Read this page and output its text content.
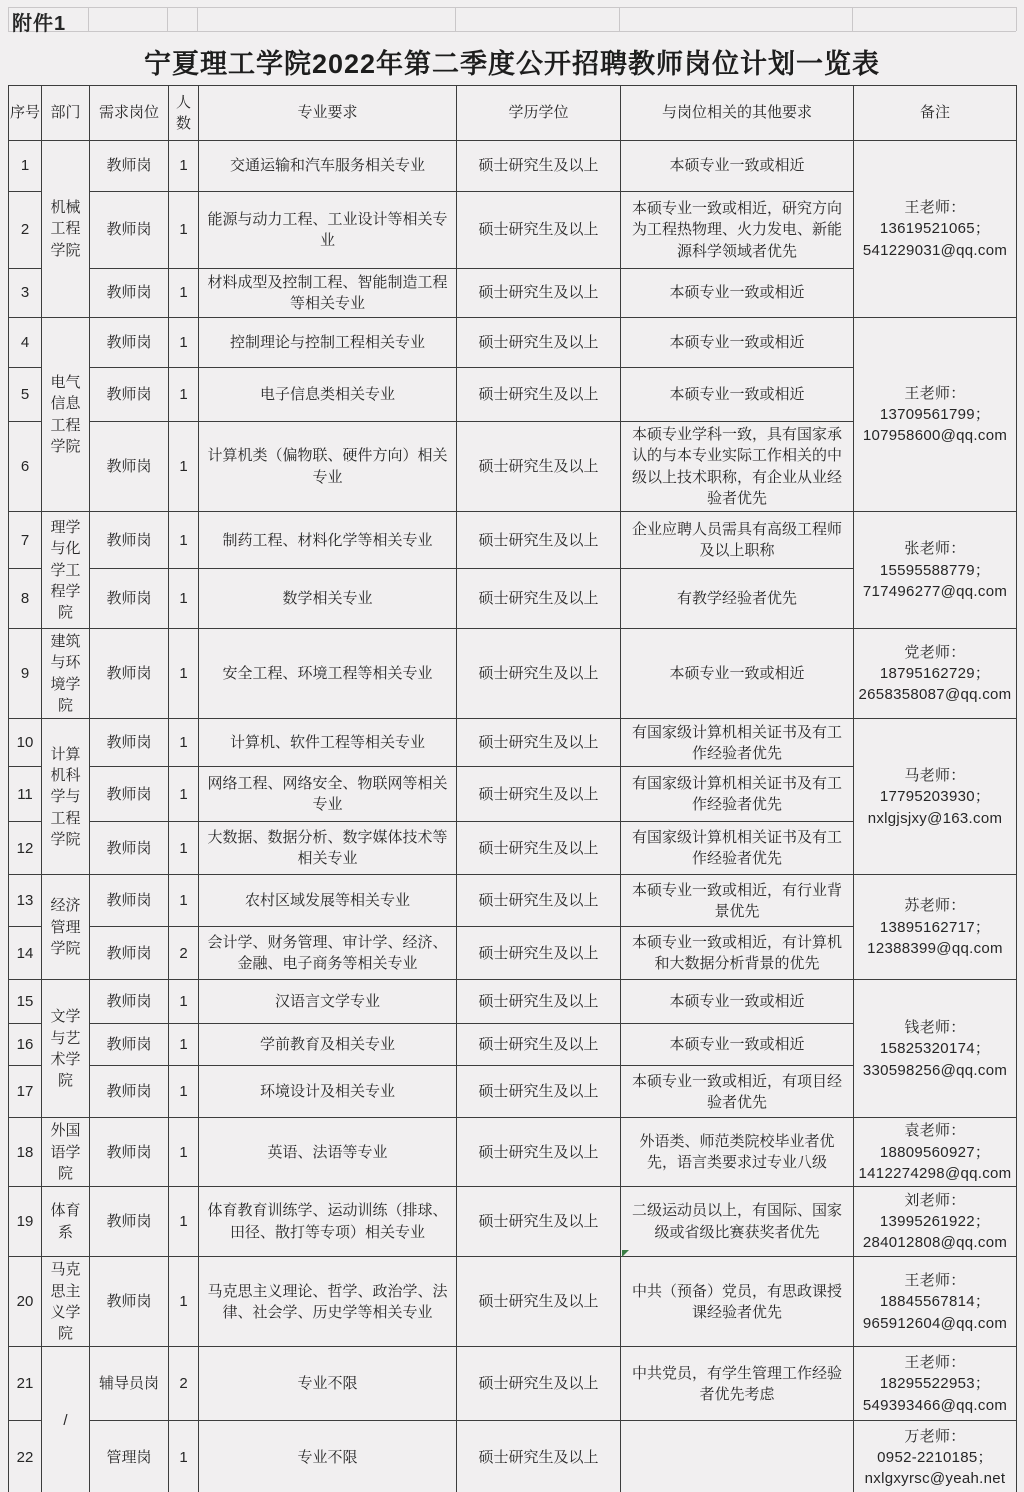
附件1
宁夏理工学院2022年第二季度公开招聘教师岗位计划一览表
序号	部门	需求岗位	人数	专业要求	学历学位	与岗位相关的其他要求	备注
1	机械工程学院	教师岗	1	交通运输和汽车服务相关专业	硕士研究生及以上	本硕专业一致或相近	王老师：
13619521065；
541229031@qq.com

2		教师岗	1	能源与动力工程、工业设计等相关专业	硕士研究生及以上	本硕专业一致或相近，研究方向为工程热物理、火力发电、新能源科学领域者优先	
3		教师岗	1	材料成型及控制工程、智能制造工程等相关专业	硕士研究生及以上	本硕专业一致或相近	
4	电气信息工程学院	教师岗	1	控制理论与控制工程相关专业	硕士研究生及以上	本硕专业一致或相近	王老师：
13709561799；
107958600@qq.com

5		教师岗	1	电子信息类相关专业	硕士研究生及以上	本硕专业一致或相近	
6		教师岗	1	计算机类（偏物联、硬件方向）相关专业	硕士研究生及以上	本硕专业学科一致，具有国家承认的与本专业实际工作相关的中级以上技术职称，有企业从业经验者优先	
7	理学与化学工程学院	教师岗	1	制药工程、材料化学等相关专业	硕士研究生及以上	企业应聘人员需具有高级工程师及以上职称	张老师：
15595588779；
717496277@qq.com

8		教师岗	1	数学相关专业	硕士研究生及以上	有教学经验者优先	
9	建筑与环境学院	教师岗	1	安全工程、环境工程等相关专业	硕士研究生及以上	本硕专业一致或相近	党老师：
18795162729；
2658358087@qq.com

10	计算机科学与工程学院	教师岗	1	计算机、软件工程等相关专业	硕士研究生及以上	有国家级计算机相关证书及有工作经验者优先	马老师：
17795203930；
nxlgjsjxy@163.com

11		教师岗	1	网络工程、网络安全、物联网等相关专业	硕士研究生及以上	有国家级计算机相关证书及有工作经验者优先	
12		教师岗	1	大数据、数据分析、数字媒体技术等相关专业	硕士研究生及以上	有国家级计算机相关证书及有工作经验者优先	
13	经济管理学院	教师岗	1	农村区域发展等相关专业	硕士研究生及以上	本硕专业一致或相近，有行业背景优先	苏老师：
13895162717；
12388399@qq.com

14		教师岗	2	会计学、财务管理、审计学、经济、金融、电子商务等相关专业	硕士研究生及以上	本硕专业一致或相近，有计算机和大数据分析背景的优先	
15	文学与艺术学院	教师岗	1	汉语言文学专业	硕士研究生及以上	本硕专业一致或相近	钱老师：
15825320174；
330598256@qq.com

16		教师岗	1	学前教育及相关专业	硕士研究生及以上	本硕专业一致或相近	
17		教师岗	1	环境设计及相关专业	硕士研究生及以上	本硕专业一致或相近，有项目经验者优先	
18	外国语学院	教师岗	1	英语、法语等专业	硕士研究生及以上	外语类、师范类院校毕业者优先，语言类要求过专业八级	袁老师：
18809560927；
1412274298@qq.com

19	体育系	教师岗	1	体育教育训练学、运动训练（排球、田径、散打等专项）相关专业	硕士研究生及以上	二级运动员以上，有国际、国家级或省级比赛获奖者优先	刘老师：
13995261922；
284012808@qq.com

20	马克思主义学院	教师岗	1	马克思主义理论、哲学、政治学、法律、社会学、历史学等相关专业	硕士研究生及以上	中共（预备）党员，有思政课授课经验者优先	王老师：
18845567814；
965912604@qq.com

21	/	辅导员岗	2	专业不限	硕士研究生及以上	中共党员，有学生管理工作经验者优先考虑	王老师：
18295522953；
549393466@qq.com

22		管理岗	1	专业不限	硕士研究生及以上		万老师：
0952-2210185；
nxlgxyrsc@yeah.net
